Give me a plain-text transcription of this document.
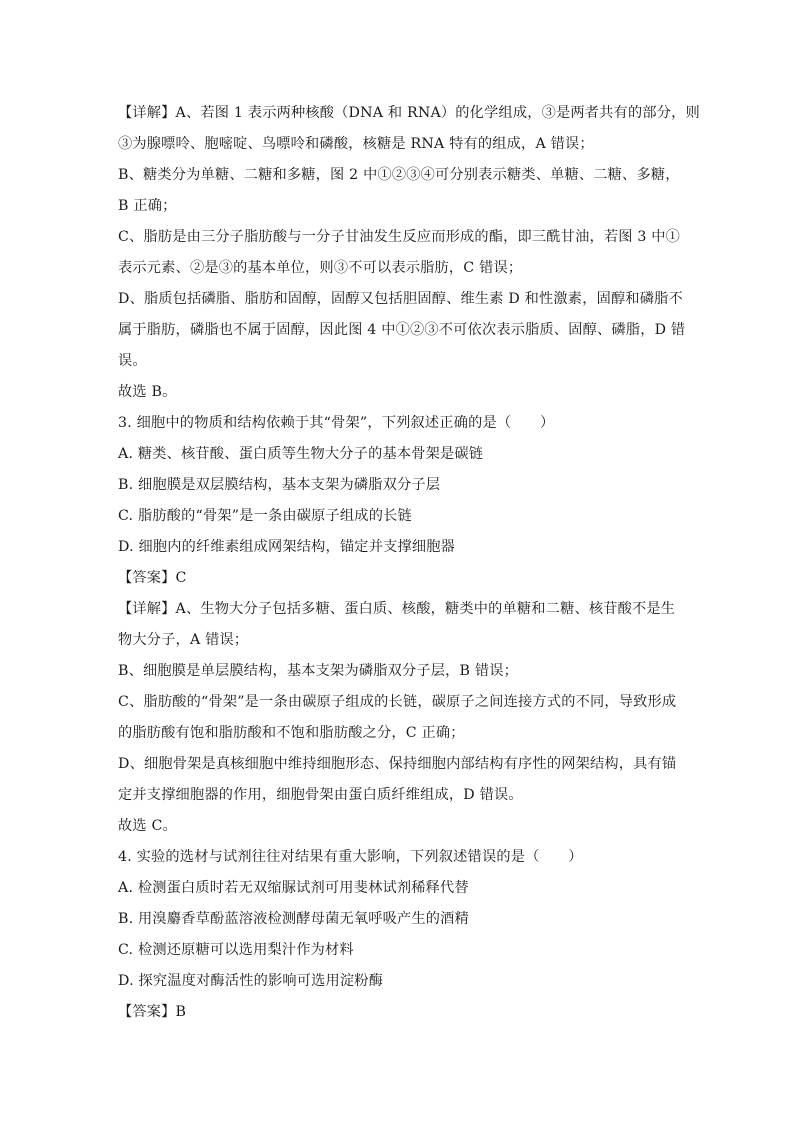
【详解】A、若图 1 表示两种核酸（DNA 和 RNA）的化学组成，③是两者共有的部分，则
③为腺嘌呤、胞嘧啶、鸟嘌呤和磷酸，核糖是 RNA 特有的组成，A 错误；
B、糖类分为单糖、二糖和多糖，图 2 中①②③④可分别表示糖类、单糖、二糖、多糖，
B 正确；
C、脂肪是由三分子脂肪酸与一分子甘油发生反应而形成的酯，即三酰甘油，若图 3 中①
表示元素、②是③的基本单位，则③不可以表示脂肪，C 错误；
D、脂质包括磷脂、脂肪和固醇，固醇又包括胆固醇、维生素 D 和性激素，固醇和磷脂不
属于脂肪，磷脂也不属于固醇，因此图 4 中①②③不可依次表示脂质、固醇、磷脂，D 错
误。
故选 B。
3. 细胞中的物质和结构依赖于其“骨架”，下列叙述正确的是（　　）
A. 糖类、核苷酸、蛋白质等生物大分子的基本骨架是碳链
B. 细胞膜是双层膜结构，基本支架为磷脂双分子层
C. 脂肪酸的“骨架”是一条由碳原子组成的长链
D. 细胞内的纤维素组成网架结构，锚定并支撑细胞器
【答案】C
【详解】A、生物大分子包括多糖、蛋白质、核酸，糖类中的单糖和二糖、核苷酸不是生
物大分子，A 错误；
B、细胞膜是单层膜结构，基本支架为磷脂双分子层，B 错误；
C、脂肪酸的“骨架”是一条由碳原子组成的长链，碳原子之间连接方式的不同，导致形成
的脂肪酸有饱和脂肪酸和不饱和脂肪酸之分，C 正确；
D、细胞骨架是真核细胞中维持细胞形态、保持细胞内部结构有序性的网架结构，具有锚
定并支撑细胞器的作用，细胞骨架由蛋白质纤维组成，D 错误。
故选 C。
4. 实验的选材与试剂往往对结果有重大影响，下列叙述错误的是（　　）
A. 检测蛋白质时若无双缩脲试剂可用斐林试剂稀释代替
B. 用溴麝香草酚蓝溶液检测酵母菌无氧呼吸产生的酒精
C. 检测还原糖可以选用梨汁作为材料
D. 探究温度对酶活性的影响可选用淀粉酶
【答案】B
